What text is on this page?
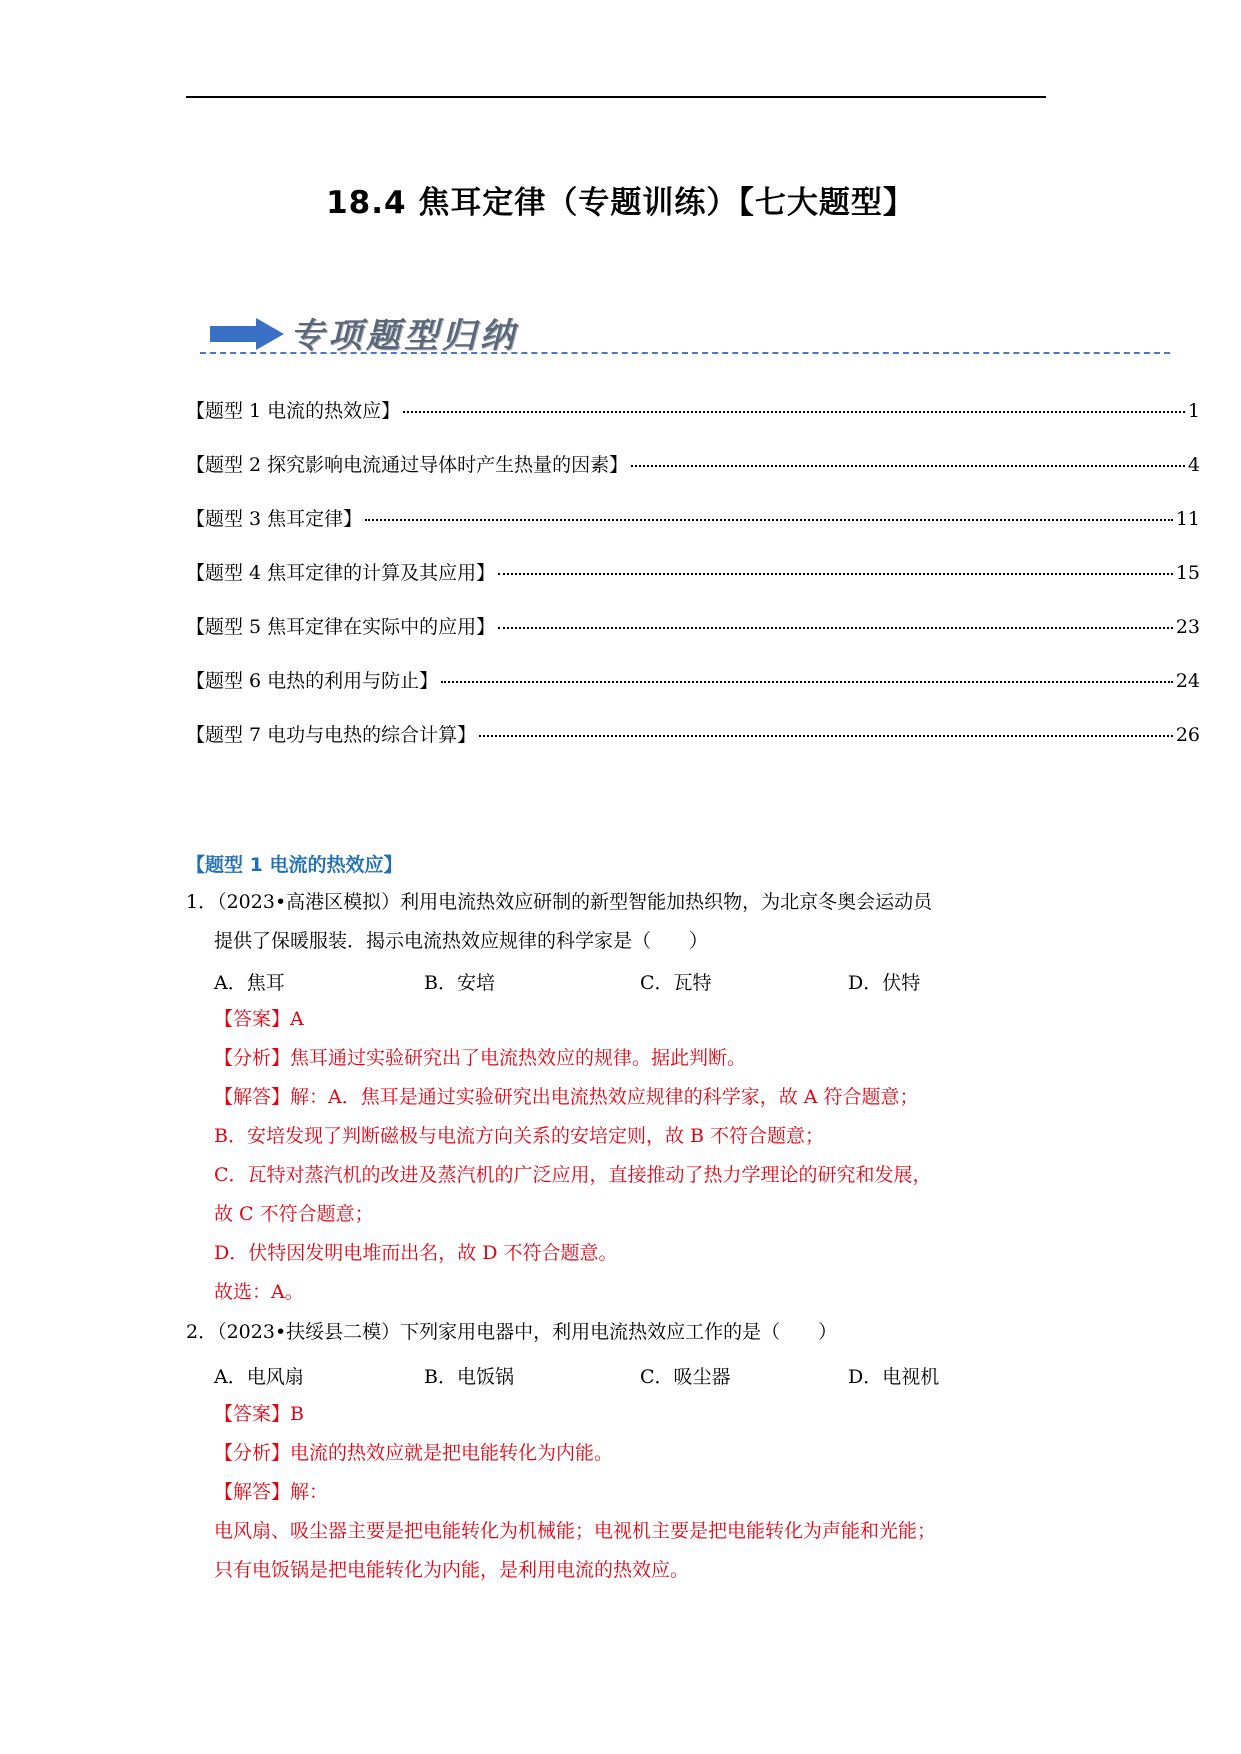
18.4 焦耳定律（专题训练）【七大题型】
专项题型归纳
【题型 1 电流的热效应】	1
【题型 2 探究影响电流通过导体时产生热量的因素】	4
【题型 3 焦耳定律】	11
【题型 4 焦耳定律的计算及其应用】	15
【题型 5 焦耳定律在实际中的应用】	23
【题型 6 电热的利用与防止】	24
【题型 7 电功与电热的综合计算】	26
【题型 1 电流的热效应】
1．（2023•高港区模拟）利用电流热效应研制的新型智能加热织物，为北京冬奥会运动员
提供了保暖服装．揭示电流热效应规律的科学家是（　　）
A．焦耳	B．安培	C．瓦特	D．伏特
【答案】A
【分析】焦耳通过实验研究出了电流热效应的规律。据此判断。
【解答】解：A．焦耳是通过实验研究出电流热效应规律的科学家，故 A 符合题意；
B．安培发现了判断磁极与电流方向关系的安培定则，故 B 不符合题意；
C．瓦特对蒸汽机的改进及蒸汽机的广泛应用，直接推动了热力学理论的研究和发展，
故 C 不符合题意；
D．伏特因发明电堆而出名，故 D 不符合题意。
故选：A。
2．（2023•扶绥县二模）下列家用电器中，利用电流热效应工作的是（　　）
A．电风扇	B．电饭锅	C．吸尘器	D．电视机
【答案】B
【分析】电流的热效应就是把电能转化为内能。
【解答】解：
电风扇、吸尘器主要是把电能转化为机械能；电视机主要是把电能转化为声能和光能；
只有电饭锅是把电能转化为内能，是利用电流的热效应。
